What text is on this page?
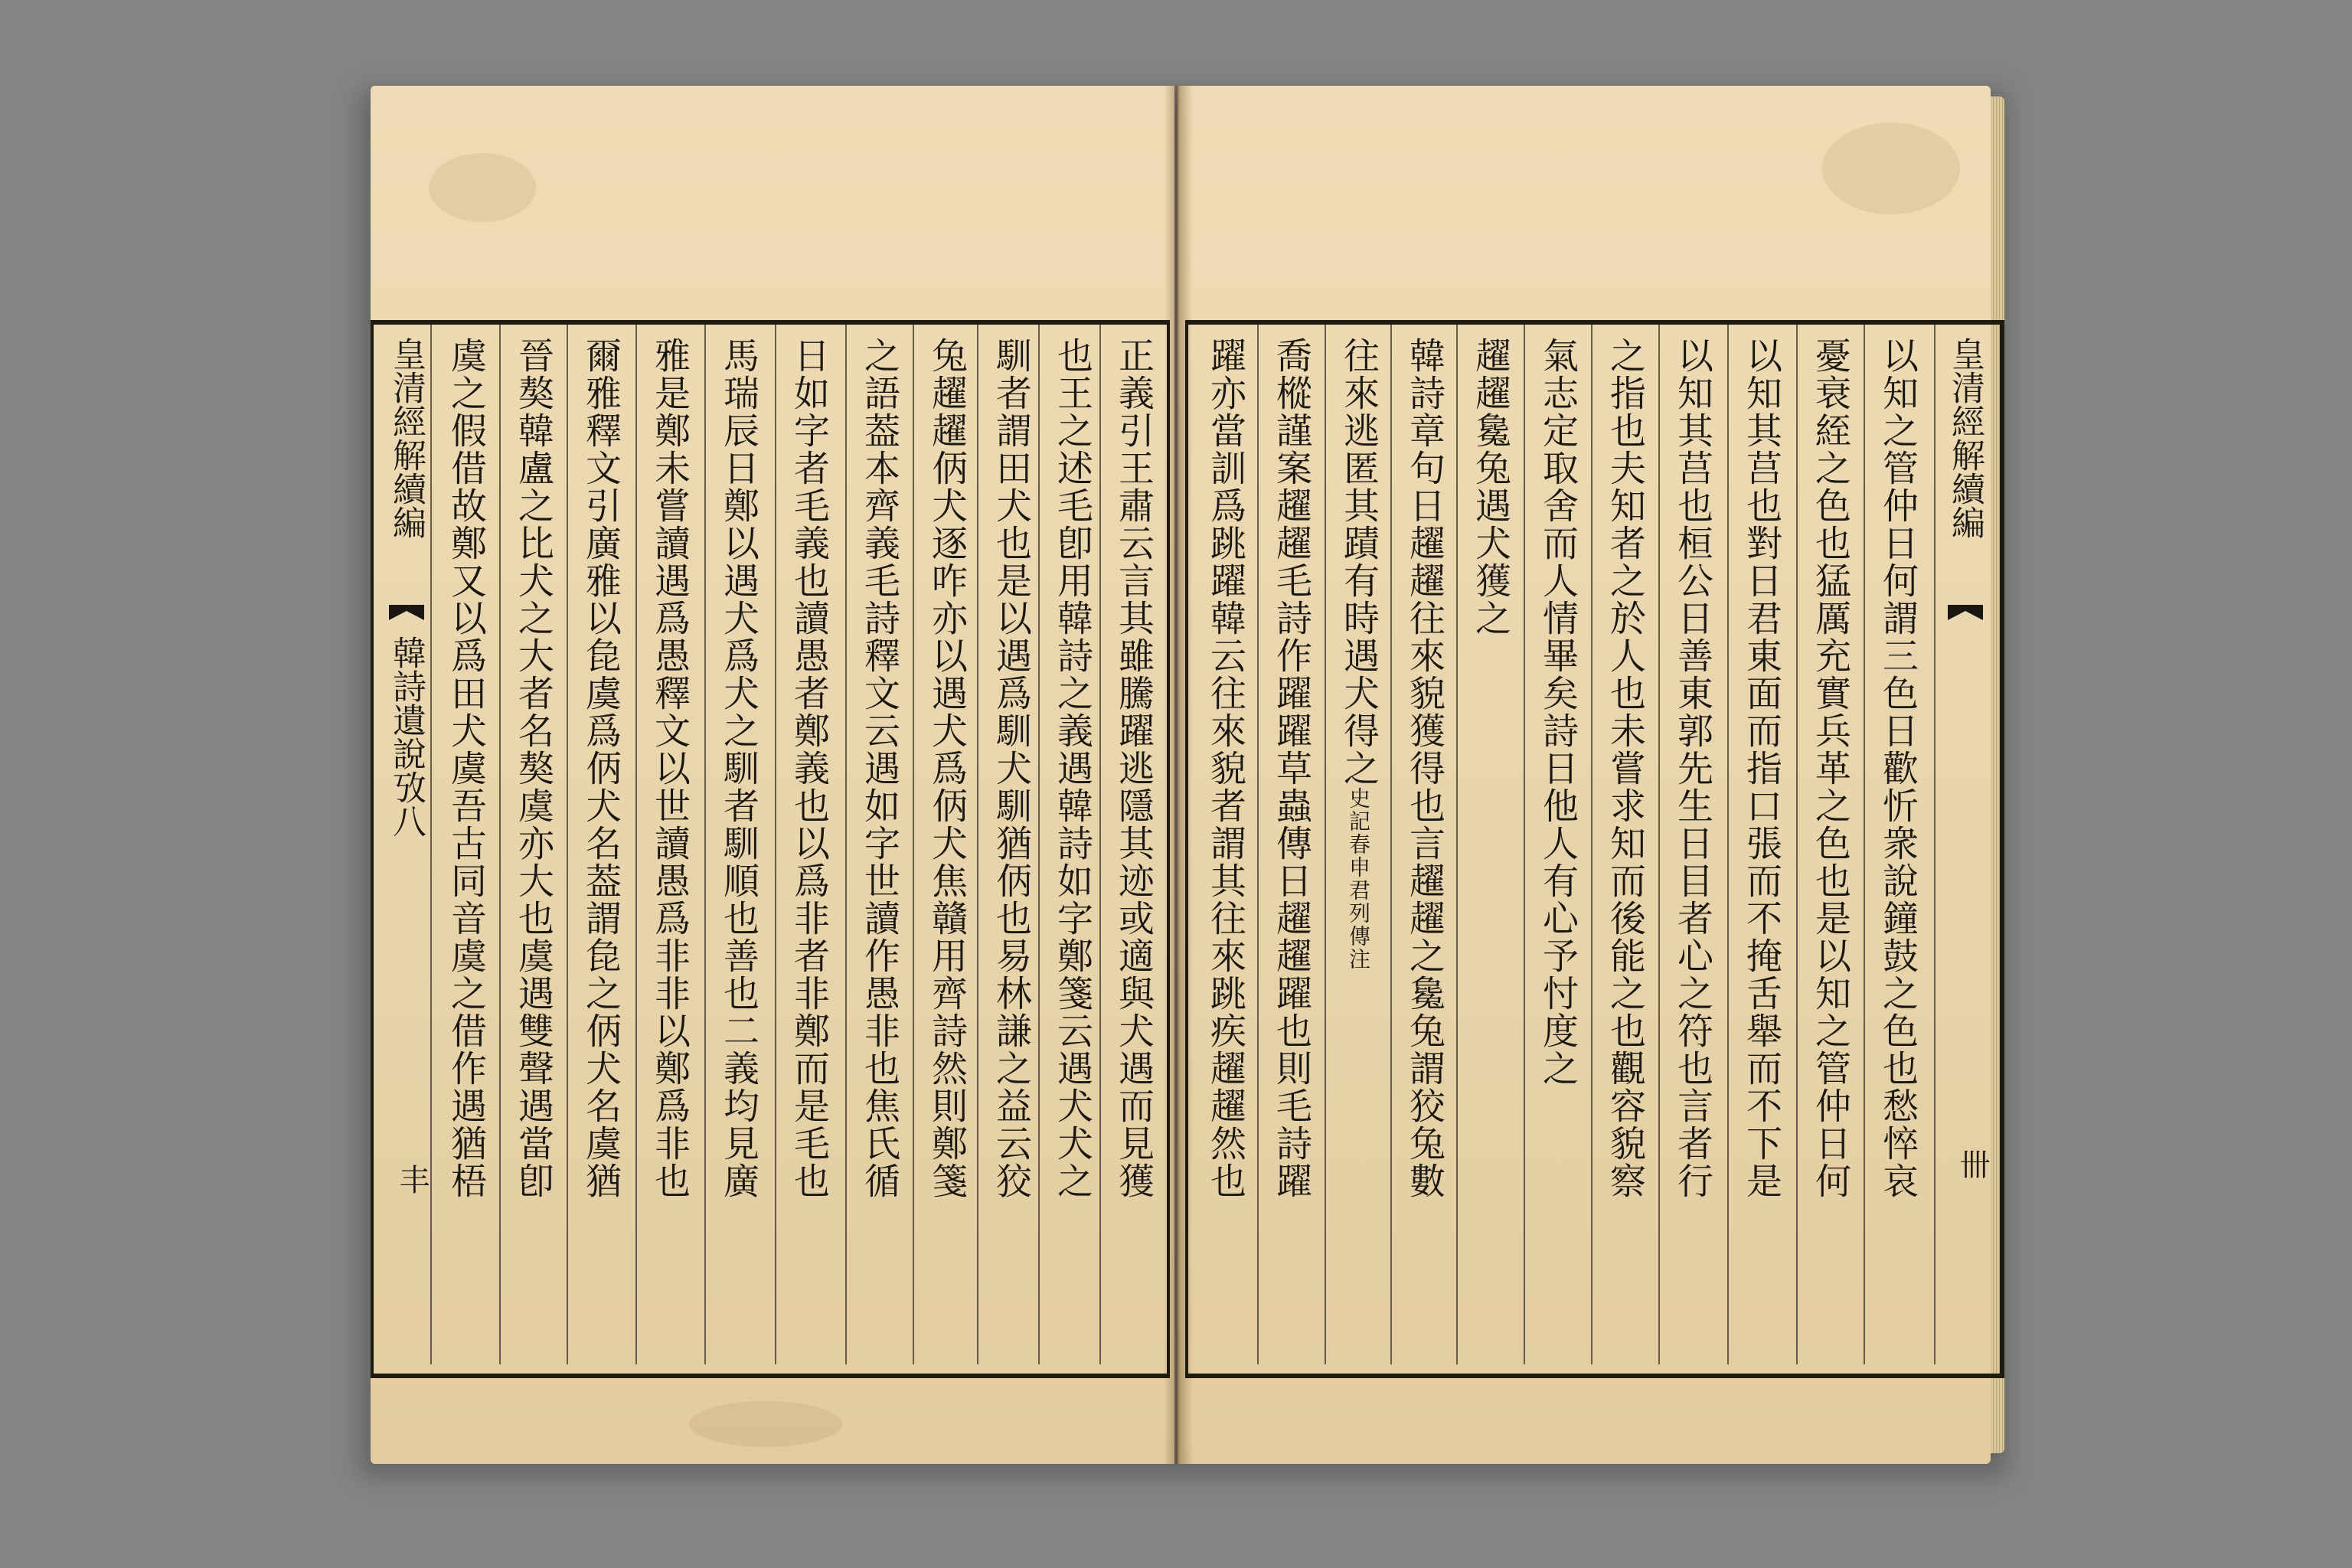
皇清經解續編
韓詩遺說攷八
丰	正義引王肅云言其雖騰躍逃隱其迹或適與犬遇而見獲
也王之述毛卽用韓詩之義遇韓詩如字鄭箋云遇犬犬之
馴者謂田犬也是以遇爲馴犬馴猶㑂也易林謙之益云狡
兔趯趯㑂犬逐咋亦以遇犬爲㑂犬焦贛用齊詩然則鄭箋
之語葢本齊義毛詩釋文云遇如字世讀作愚非也焦氏循
日如字者毛義也讀愚者鄭義也以爲非者非鄭而是毛也
馬瑞辰日鄭以遇犬爲犬之馴者馴順也善也二義均見廣
雅是鄭未嘗讀遇爲愚釋文以世讀愚爲非非以鄭爲非也
爾雅釋文引廣雅以㲋虞爲㑂犬名葢謂㲋之㑂犬名虞猶
晉獒韓盧之比犬之大者名獒虞亦大也虞遇雙聲遇當卽
虞之假借故鄭又以爲田犬虞吾古同音虞之借作遇猶梧	皇清經解續編
卌
以知之管仲日何謂三色日歡忻衆說鐘鼓之色也愁悴哀
憂衰絰之色也猛厲充實兵革之色也是以知之管仲日何
以知其莒也對日君東面而指口張而不掩舌舉而不下是
以知其莒也桓公日善東郭先生日目者心之符也言者行
之指也夫知者之於人也未嘗求知而後能之也觀容貌察
氣志定取舍而人情畢矣詩日他人有心予忖度之
趯趯毚兔遇犬獲之
韓詩章句日趯趯往來貌獲得也言趯趯之毚兔謂狡兔數
往來逃匿其蹟有時遇犬得之史記春申君列傳注
喬樅謹案趯趯毛詩作躍躍草蟲傳日趯趯躍也則毛詩躍
躍亦當訓爲跳躍韓云往來貌者謂其往來跳疾趯趯然也
